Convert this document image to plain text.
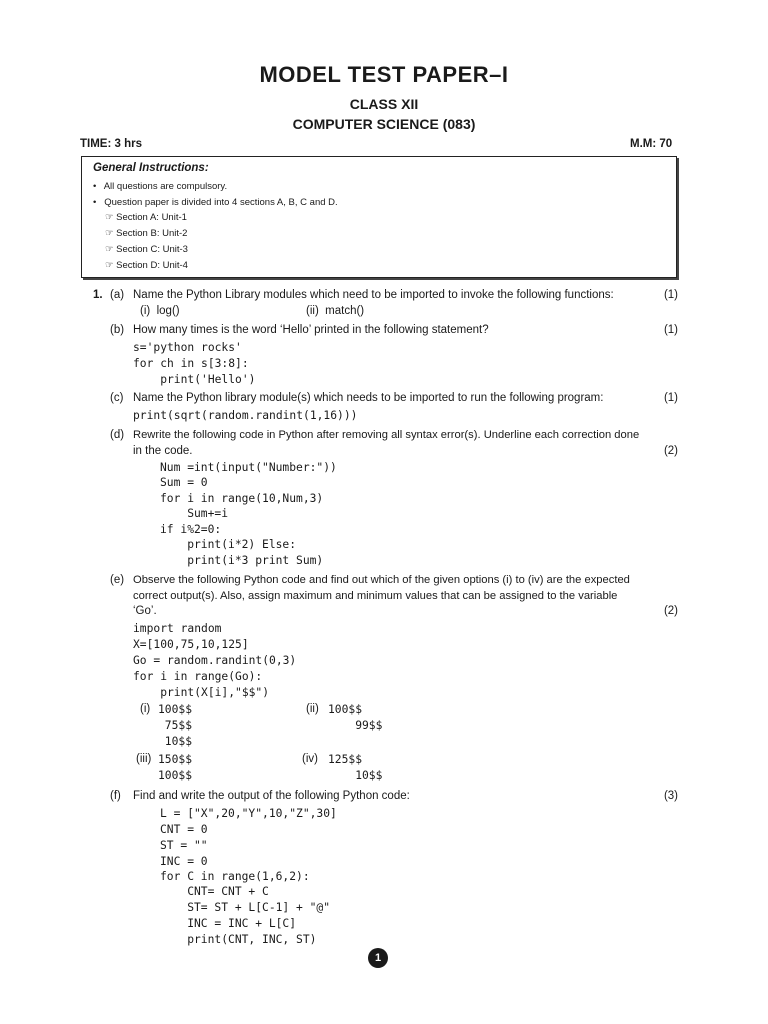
MODEL TEST PAPER–I
CLASS XII
COMPUTER SCIENCE (083)
TIME: 3 hrs	M.M: 70
General Instructions:
•   All questions are compulsory.
•   Question paper is divided into 4 sections A, B, C and D.
☞ Section A: Unit-1
☞ Section B: Unit-2
☞ Section C: Unit-3
☞ Section D: Unit-4
1. (a) Name the Python Library modules which need to be imported to invoke the following functions:	(1)
(i)  log()	(ii)  match()
(b) How many times is the word ‘Hello’ printed in the following statement?	(1)
s='python rocks'
for ch in s[3:8]:
print('Hello')
(c) Name the Python library module(s) which needs to be imported to run the following program:	(1)
print(sqrt(random.randint(1,16)))
(d) Rewrite the following code in Python after removing all syntax error(s). Underline each correction done
in the code.	(2)
Num =int(input("Number:"))
Sum = 0
for i in range(10,Num,3)
Sum+=i
if i%2=0:
print(i*2) Else:
print(i*3 print Sum)
(e) Observe the following Python code and find out which of the given options (i) to (iv) are the expected
correct output(s). Also, assign maximum and minimum values that can be assigned to the variable
‘Go’.	(2)
import random
X=[100,75,10,125]
Go = random.randint(0,3)
for i in range(Go):
print(X[i],"$$")
(i) 100$$
75$$
10$$
(ii) 100$$
99$$
(iii) 150$$
100$$
(iv) 125$$
10$$
(f) Find and write the output of the following Python code:	(3)
L = ["X",20,"Y",10,"Z",30]
CNT = 0
ST = ""
INC = 0
for C in range(1,6,2):
CNT= CNT + C
ST= ST + L[C-1] + "@"
INC = INC + L[C]
print(CNT, INC, ST)
1
